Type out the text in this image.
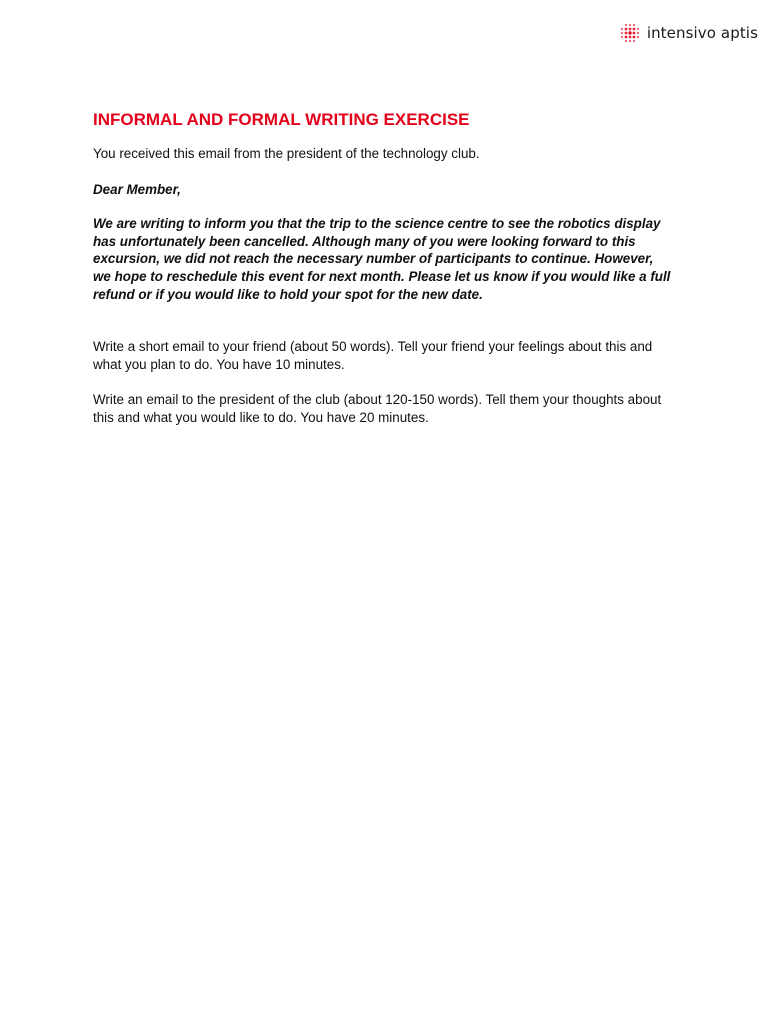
intensivo aptis
INFORMAL AND FORMAL WRITING EXERCISE

You received this email from the president of the technology club.

Dear Member,

We are writing to inform you that the trip to the science centre to see the robotics display has unfortunately been cancelled. Although many of you were looking forward to this excursion, we did not reach the necessary number of participants to continue. However, we hope to reschedule this event for next month. Please let us know if you would like a full refund or if you would like to hold your spot for the new date.

Write a short email to your friend (about 50 words). Tell your friend your feelings about this and what you plan to do. You have 10 minutes.

Write an email to the president of the club (about 120-150 words). Tell them your thoughts about this and what you would like to do. You have 20 minutes.
